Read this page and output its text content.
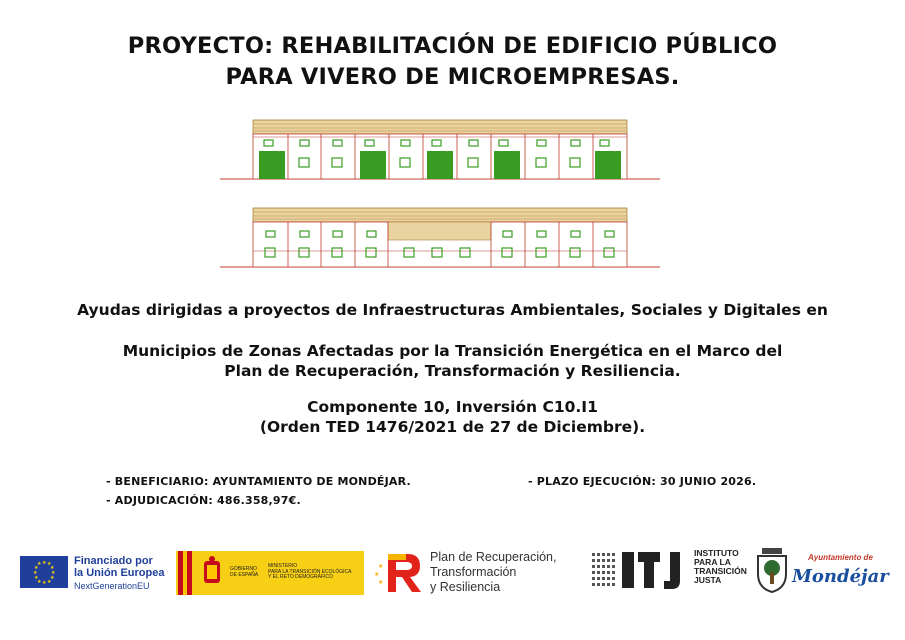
PROYECTO: REHABILITACIÓN DE EDIFICIO PÚBLICO
PARA VIVERO DE MICROEMPRESAS.
Ayudas dirigidas a proyectos de Infraestructuras Ambientales, Sociales y Digitales en
Municipios de Zonas Afectadas por la Transición Energética en el Marco del
Plan de Recuperación, Transformación y Resiliencia.
Componente 10, Inversión C10.I1
(Orden TED 1476/2021 de 27 de Diciembre).
- BENEFICIARIO: AYUNTAMIENTO DE MONDÉJAR.	- PLAZO EJECUCIÓN: 30 JUNIO 2026.
- ADJUDICACIÓN: 486.358,97€.
★ ★
★
★
★
★
★
★
★
★
★
★	Financiado por
la Unión Europea
NextGenerationEU
GOBIERNO
DE ESPAÑA
MINISTERIO
PARA LA TRANSICIÓN ECOLÓGICA
Y EL RETO DEMOGRÁFICO	★
★
★
Plan de Recuperación,
Transformación
y Resiliencia
INSTITUTO
PARA LA
TRANSICIÓN
JUSTA
Ayuntamiento de
Mondéjar
